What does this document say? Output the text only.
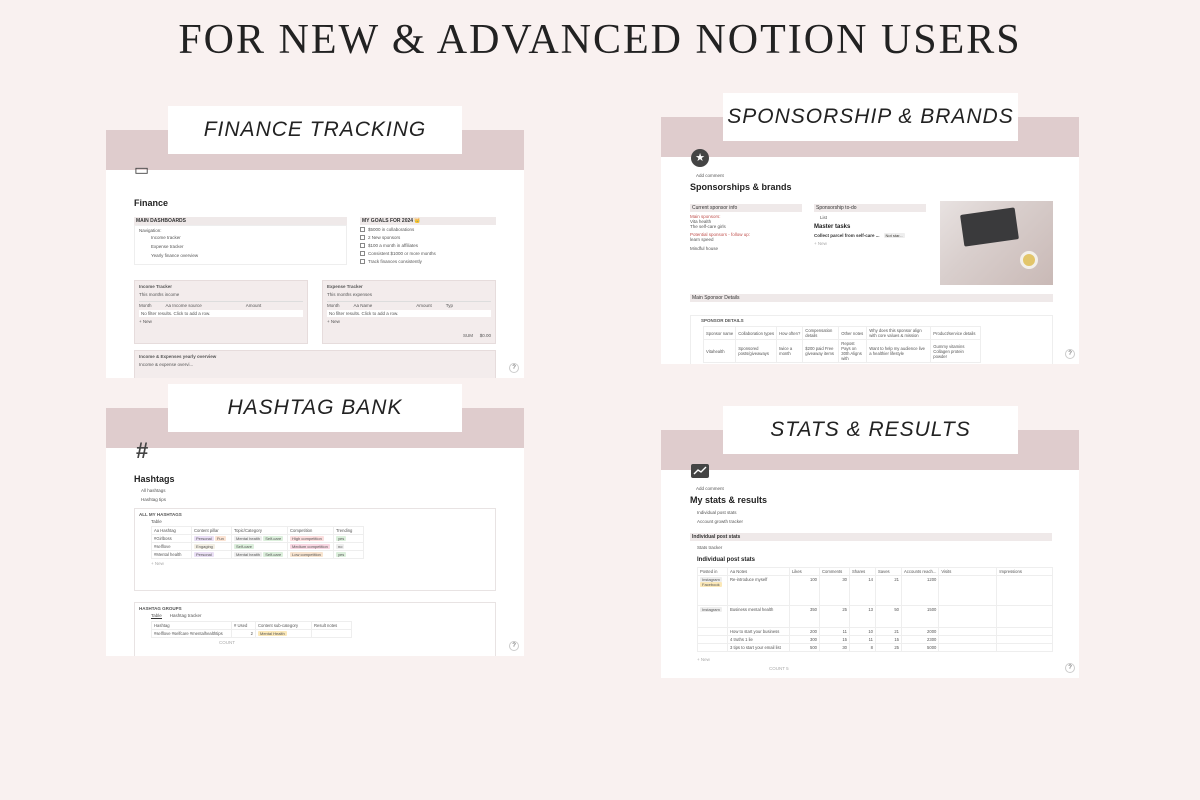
FOR NEW & ADVANCED NOTION USERS
▭
Finance
MAIN DASHBOARDS
Navigation:
Income tracker
Expense tracker
Yearly finance overview
MY GOALS FOR 2024 👑
$5000 in collaborations
2 New sponsors
$100 a month in affiliates
Consistent $1000 or more months
Track finances consistently
Income Tracker
This months income
Month	Aa Income source	Amount
No filter results. Click to add a row.
+ New
Expense Tracker
This months expenses
Month	Aa Name	Amount	Typ
No filter results. Click to add a row.
+ New
SUM $0.00
Income & Expenses yearly overview
Income & expense overvi...
?
FINANCE TRACKING
★
Add comment
Sponsorships & brands
Current sponsor info
Main sponsors:
Vita health
The self-care girls
Potential sponsors - follow up:
learn speed
Mindful house
Sponsorship to-do
List
Master tasks
Collect parcel from self-care ...	Not star...
+ New
Main Sponsor Details
SPONSOR DETAILS
Sponsor name	Collaboration types	How often?	Compensation details	Other notes	Why does this sponsor align with core values & mission	Product/service details
Vitahealth	Sponsored posts/giveaways	twice a month	$200 paid Free giveaway items	Repost Pays on 30th Aligns with	Want to help my audience live a healthier lifestyle	Gummy vitamins Collagen protein powder	?
SPONSORSHIP & BRANDS
#
Hashtags
All hashtags
Hashtag tips
ALL MY HASHTAGS
Table
Aa Hashtag	Content pillar	Topic/Category	Competition	Trending
#Girlboss	Personal Fun	Mental health Self-care	High competition	yes
#selflove	Engaging	Self-care	Medium competition	no
#Mental health	Personal	Mental health Self-care	Low competition	yes
+ New
HASHTAG GROUPS
Table Hashtag tracker
Hashtag	# Used	Content sub-category	Result notes
#selflove #selfcare #mentalhealthtips	2	Mental Health	
COUNT
?
HASHTAG BANK
Add comment
My stats & results
Individual post stats
Account growth tracker
Individual post stats
Stats tracker
Individual post stats
Posted in	Aa Notes	Likes	Comments	Shares	Saves	Accounts reach...	Visits	Impressions
Instagram
Facebook	Re-introduce myself	100	30	14	21	1200		
Instagram	Business mental health	350	25	13	50	1500		
	How to start your business	200	11	10	21	2000		
	4 truths 1 lie	300	15	11	15	2300		
	3 tips to start your email list	500	30	8	25	5000		
+ New
COUNT 5	?
STATS & RESULTS
